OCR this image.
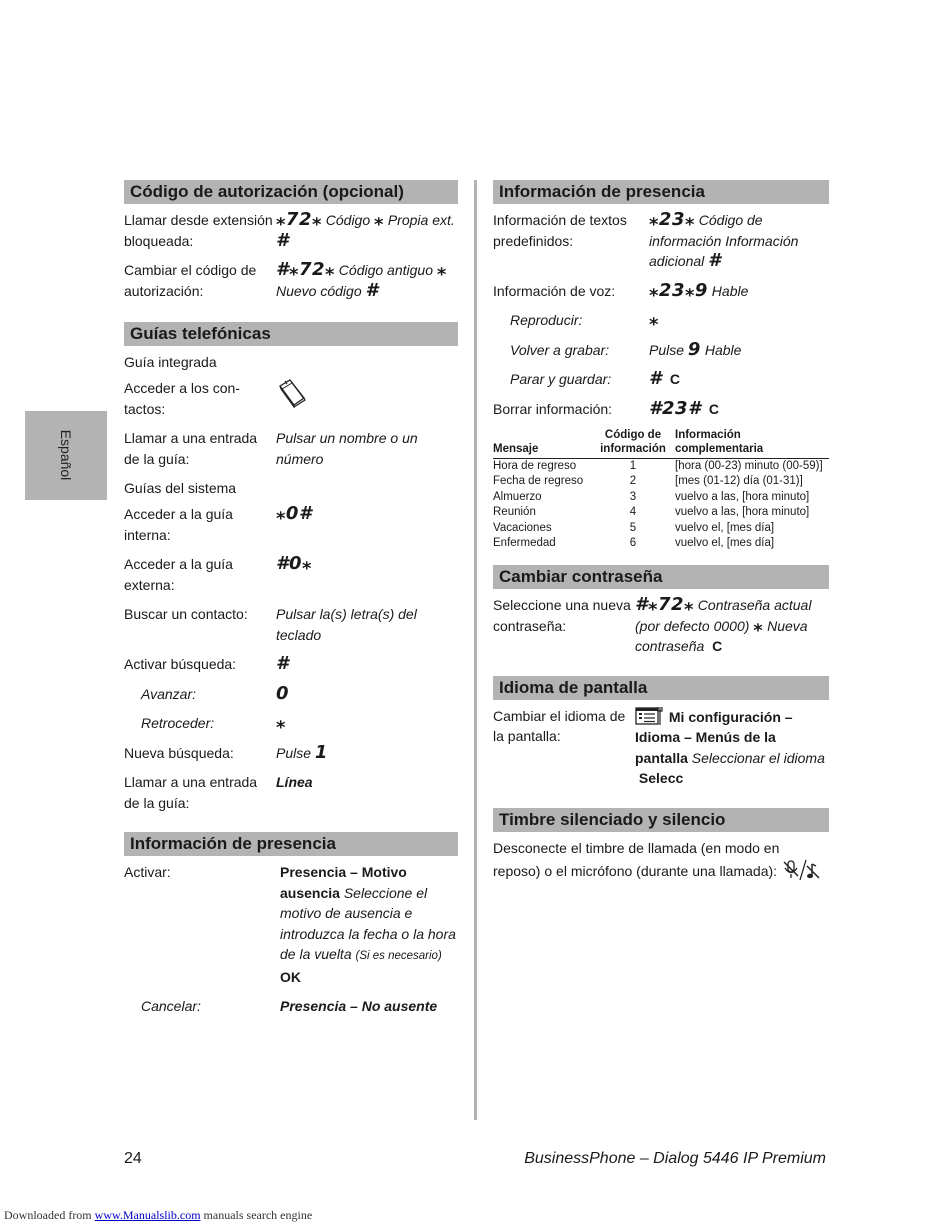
Español
Código de autorización (opcional)
Llamar desde extensión bloqueada:
⁎72⁎ Código ⁎ Propia ext. #
Cambiar el código de autorización:
#⁎72⁎ Código antiguo ⁎ Nuevo código #
Guías telefónicas
Guía integrada
Acceder a los con-tactos:
Llamar a una entrada de la guía:
Pulsar un nombre o un número
Guías del sistema
Acceder a la guía interna:
⁎0#
Acceder a la guía externa:
#0⁎
Buscar un contacto:	Pulsar la(s) letra(s) del teclado
Activar búsqueda:	#
Avanzar:	0
Retroceder:	⁎
Nueva búsqueda:	Pulse 1
Llamar a una entrada de la guía:
Línea
Información de presencia
Activar:	Presencia – Motivo ausencia Seleccione el motivo de ausencia e introduzca la fecha o la hora de la vuelta (Si es necesario)
OK
Cancelar:	Presencia – No ausente
Información de presencia
Información de textos predefinidos:
⁎23⁎ Código de información Información adicional #
Información de voz:	⁎23⁎9 Hable
Reproducir:	⁎
Volver a grabar:	Pulse 9 Hable
Parar y guardar:	# C
Borrar información:	#23# C
Mensaje	Código de información	Información complementaria
Hora de regreso	1	[hora (00-23) minuto (00-59)]
Fecha de regreso	2	[mes (01-12) día (01-31)]
Almuerzo	3	vuelvo a las, [hora minuto]
Reunión	4	vuelvo a las, [hora minuto]
Vacaciones	5	vuelvo el, [mes día]
Enfermedad	6	vuelvo el, [mes día]
Cambiar contraseña
Seleccione una nueva contraseña:
#⁎72⁎ Contraseña actual (por defecto 0000) ⁎ Nueva contraseña C
Idioma de pantalla
Cambiar el idioma de la pantalla:
Mi configuración – Idioma – Menús de la pantalla Seleccionar el idioma  Selecc
Timbre silenciado y silencio
Desconecte el timbre de llamada (en modo en reposo) o el micrófono (durante una llamada):
24	BusinessPhone – Dialog 5446 IP Premium
Downloaded from www.Manualslib.com manuals search engine
